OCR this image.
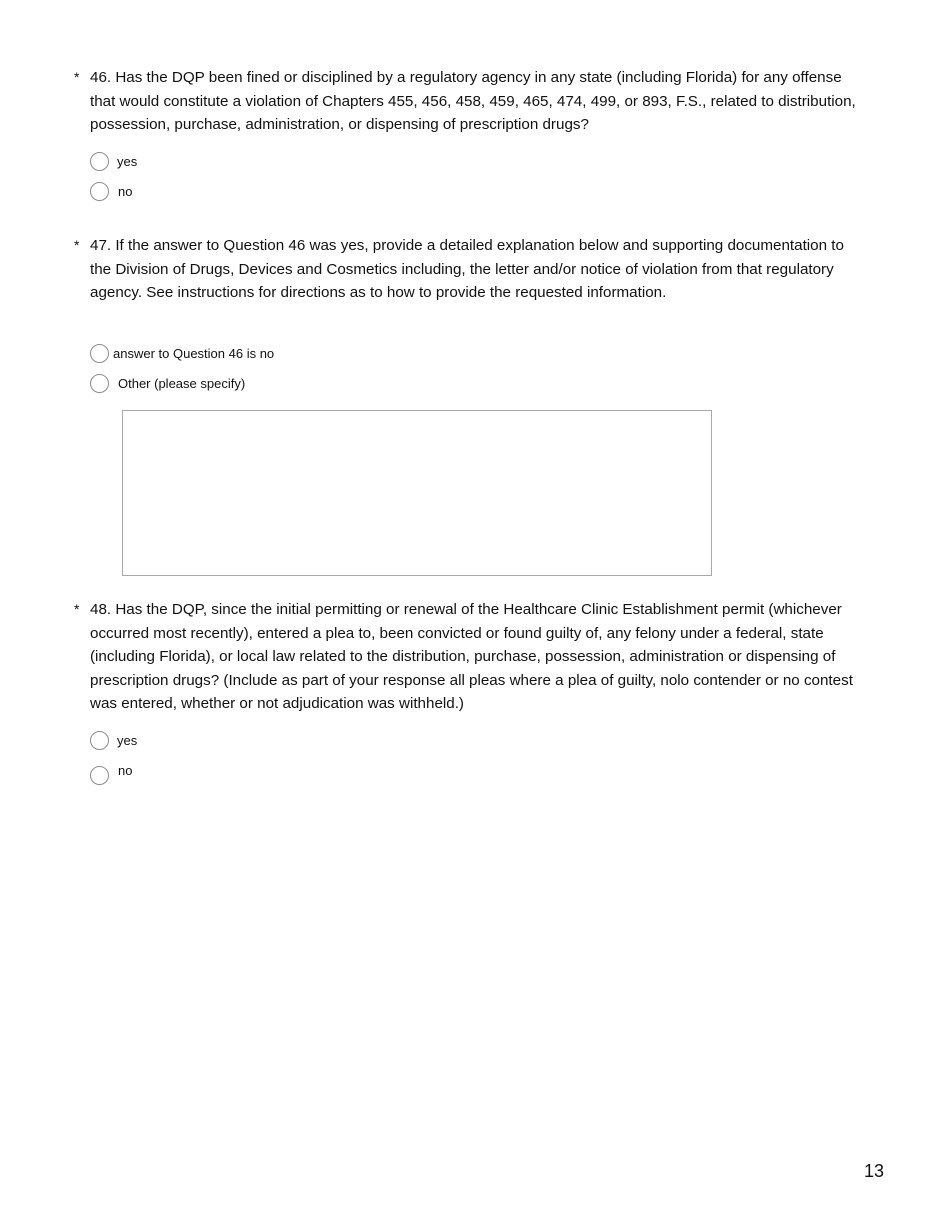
* 46. Has the DQP been fined or disciplined by a regulatory agency in any state (including Florida) for any offense that would constitute a violation of Chapters 455, 456, 458, 459, 465, 474, 499, or 893, F.S., related to distribution, possession, purchase, administration, or dispensing of prescription drugs?
yes
no
* 47. If the answer to Question 46 was yes, provide a detailed explanation below and supporting documentation to the Division of Drugs, Devices and Cosmetics including, the letter and/or notice of violation from that regulatory agency. See instructions for directions as to how to provide the requested information.
answer to Question 46 is no
Other (please specify)
* 48. Has the DQP, since the initial permitting or renewal of the Healthcare Clinic Establishment permit (whichever occurred most recently), entered a plea to, been convicted or found guilty of, any felony under a federal, state (including Florida), or local law related to the distribution, purchase, possession, administration or dispensing of prescription drugs? (Include as part of your response all pleas where a plea of guilty, nolo contender or no contest was entered, whether or not adjudication was withheld.)
yes
no
13
